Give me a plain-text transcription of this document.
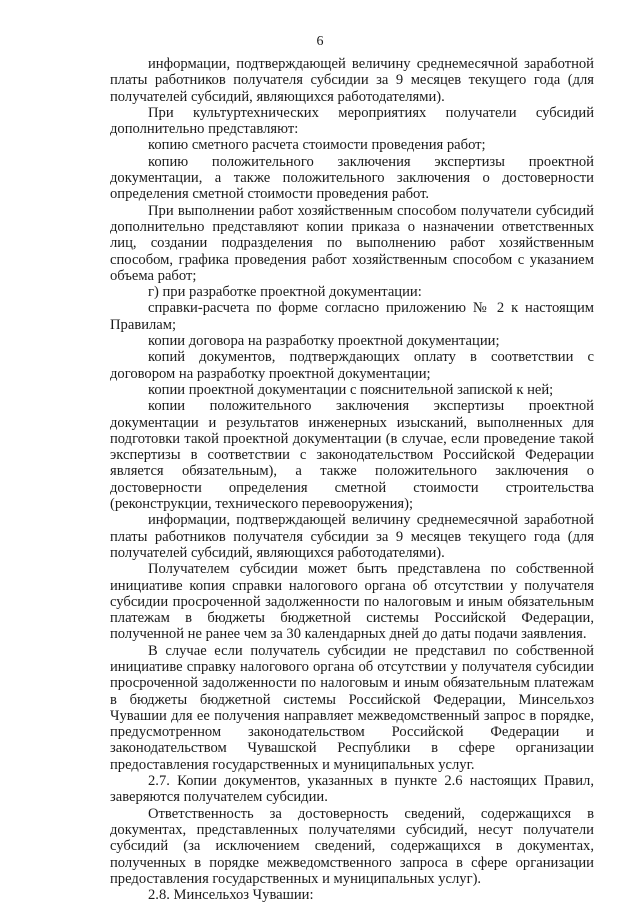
6

информации, подтверждающей величину среднемесячной заработной платы работников получателя субсидии за 9 месяцев текущего года (для получателей субсидий, являющихся работодателями).

При культуртехнических мероприятиях получатели субсидий дополнительно представляют:

копию сметного расчета стоимости проведения работ;

копию положительного заключения экспертизы проектной документации, а также положительного заключения о достоверности определения сметной стоимости проведения работ.

При выполнении работ хозяйственным способом получатели субсидий дополнительно представляют копии приказа о назначении ответственных лиц, создании подразделения по выполнению работ хозяйственным способом, графика проведения работ хозяйственным способом с указанием объема работ;

г) при разработке проектной документации:

справки-расчета по форме согласно приложению № 2 к настоящим Правилам;

копии договора на разработку проектной документации;

копий документов, подтверждающих оплату в соответствии с договором на разработку проектной документации;

копии проектной документации с пояснительной запиской к ней;

копии положительного заключения экспертизы проектной документации и результатов инженерных изысканий, выполненных для подготовки такой проектной документации (в случае, если проведение такой экспертизы в соответствии с законодательством Российской Федерации является обязательным), а также положительного заключения о достоверности определения сметной стоимости строительства (реконструкции, технического перевооружения);

информации, подтверждающей величину среднемесячной заработной платы работников получателя субсидии за 9 месяцев текущего года (для получателей субсидий, являющихся работодателями).

Получателем субсидии может быть представлена по собственной инициативе копия справки налогового органа об отсутствии у получателя субсидии просроченной задолженности по налоговым и иным обязательным платежам в бюджеты бюджетной системы Российской Федерации, полученной не ранее чем за 30 календарных дней до даты подачи заявления.

В случае если получатель субсидии не представил по собственной инициативе справку налогового органа об отсутствии у получателя субсидии просроченной задолженности по налоговым и иным обязательным платежам в бюджеты бюджетной системы Российской Федерации, Минсельхоз Чувашии для ее получения направляет межведомственный запрос в порядке, предусмотренном законодательством Российской Федерации и законодательством Чувашской Республики в сфере организации предоставления государственных и муниципальных услуг.

2.7. Копии документов, указанных в пункте 2.6 настоящих Правил, заверяются получателем субсидии.

Ответственность за достоверность сведений, содержащихся в документах, представленных получателями субсидий, несут получатели субсидий (за исключением сведений, содержащихся в документах, полученных в порядке межведомственного запроса в сфере организации предоставления государственных и муниципальных услуг).

2.8. Минсельхоз Чувашии:
